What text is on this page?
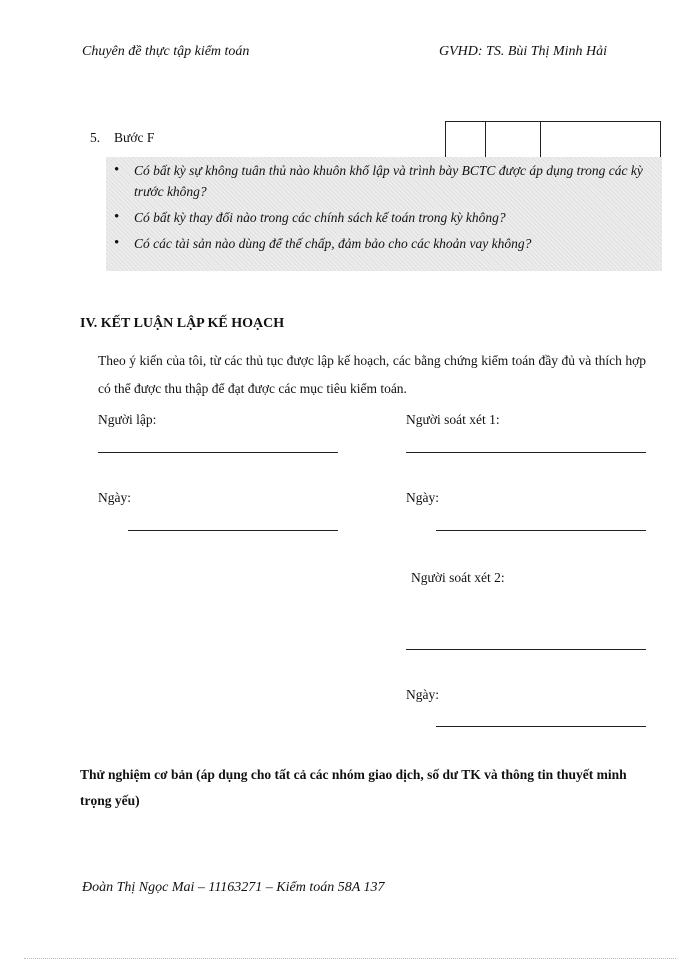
Chuyên đề thực tập kiểm toán	GVHD: TS. Bùi Thị Minh Hải
5. Bước F
• Có bất kỳ sự không tuân thủ nào khuôn khổ lập và trình bày BCTC được áp dụng trong các kỳ trước không?
• Có bất kỳ thay đổi nào trong các chính sách kế toán trong kỳ không?
• Có các tài sản nào dùng để thế chấp, đảm bảo cho các khoản vay không?
IV. KẾT LUẬN LẬP KẾ HOẠCH
Theo ý kiến của tôi, từ các thủ tục được lập kế hoạch, các bằng chứng kiểm toán đầy đủ và thích hợp có thể được thu thập để đạt được các mục tiêu kiểm toán.
Người lập:	Người soát xét 1:
Ngày:	Ngày:
Người soát xét 2:
Ngày:
Thử nghiệm cơ bản (áp dụng cho tất cả các nhóm giao dịch, số dư TK và thông tin thuyết minh trọng yếu)
Đoàn Thị Ngọc Mai – 11163271 – Kiểm toán 58A 137
